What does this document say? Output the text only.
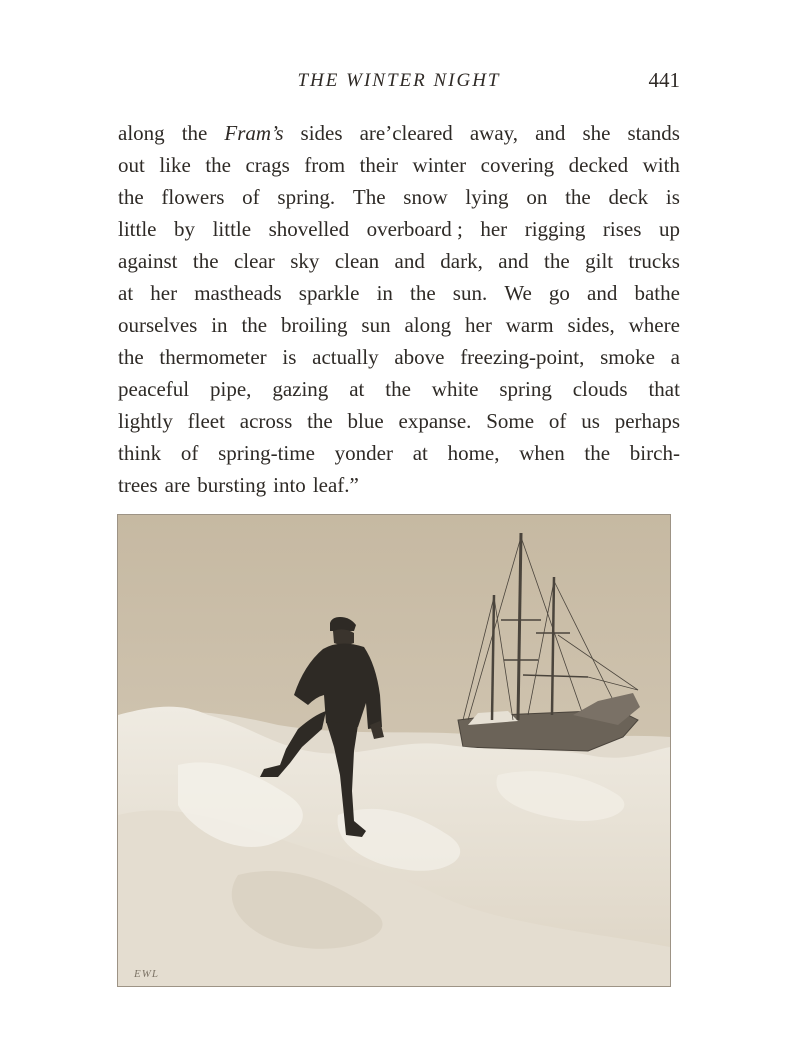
THE WINTER NIGHT	441
along the Fram’s sides are’cleared away, and she stands
out like the crags from their winter covering decked with
the flowers of spring. The snow lying on the deck is
little by little shovelled overboard ; her rigging rises up
against the clear sky clean and dark, and the gilt trucks
at her mastheads sparkle in the sun. We go and bathe
ourselves in the broiling sun along her warm sides, where
the thermometer is actually above freezing-point, smoke a
peaceful pipe, gazing at the white spring clouds that
lightly fleet across the blue expanse. Some of us perhaps
think of spring-time yonder at home, when the birch-
trees are bursting into leaf.”
EWL
